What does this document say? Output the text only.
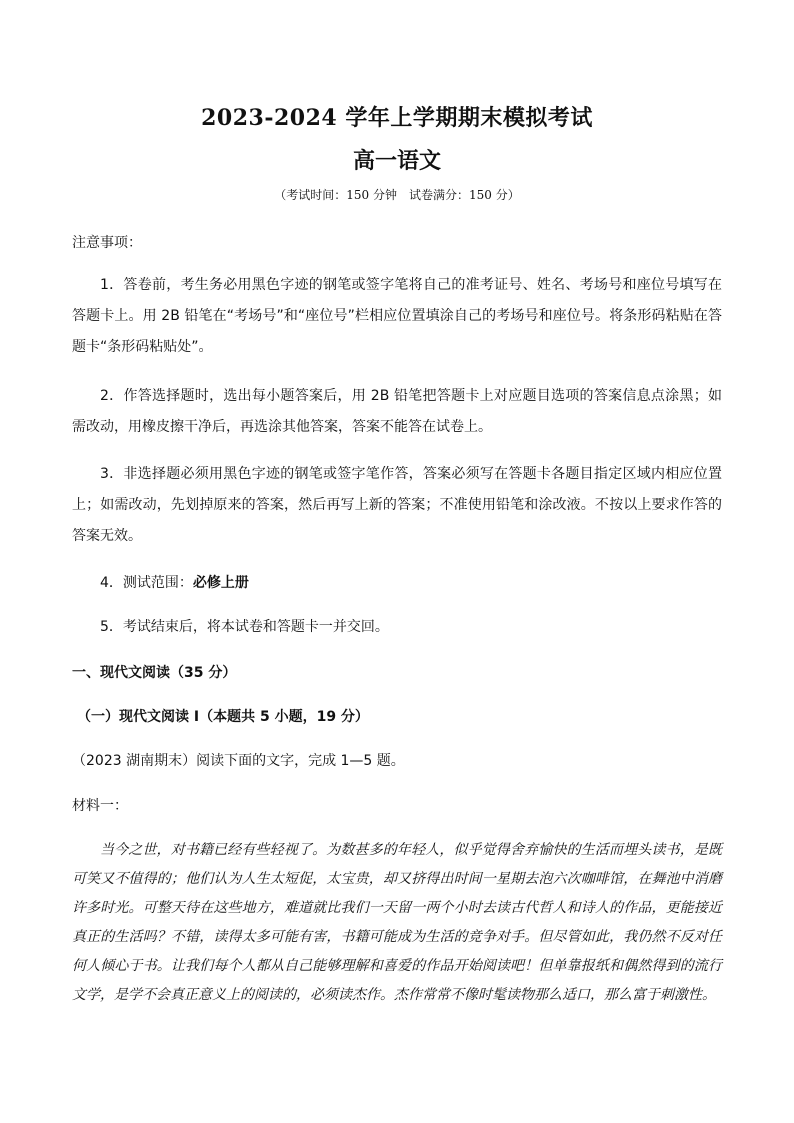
2023-2024 学年上学期期末模拟考试
高一语文
（考试时间：150 分钟 试卷满分：150 分）
注意事项：
1．答卷前，考生务必用黑色字迹的钢笔或签字笔将自己的准考证号、姓名、考场号和座位号填写在答题卡上。用 2B 铅笔在“考场号”和“座位号”栏相应位置填涂自己的考场号和座位号。将条形码粘贴在答题卡“条形码粘贴处”。
2．作答选择题时，选出每小题答案后，用 2B 铅笔把答题卡上对应题目选项的答案信息点涂黑；如需改动，用橡皮擦干净后，再选涂其他答案，答案不能答在试卷上。
3．非选择题必须用黑色字迹的钢笔或签字笔作答，答案必须写在答题卡各题目指定区域内相应位置上；如需改动，先划掉原来的答案，然后再写上新的答案；不准使用铅笔和涂改液。不按以上要求作答的答案无效。
4．测试范围：必修上册
5．考试结束后，将本试卷和答题卡一并交回。
一、现代文阅读（35 分）
（一）现代文阅读 I（本题共 5 小题，19 分）
（2023 湖南期末）阅读下面的文字，完成 1—5 题。
材料一：
当今之世，对书籍已经有些轻视了。为数甚多的年轻人，似乎觉得舍弃愉快的生活而埋头读书，是既可笑又不值得的；他们认为人生太短促，太宝贵，却又挤得出时间一星期去泡六次咖啡馆，在舞池中消磨许多时光。可整天待在这些地方，难道就比我们一天留一两个小时去读古代哲人和诗人的作品，更能接近真正的生活吗？不错，读得太多可能有害，书籍可能成为生活的竞争对手。但尽管如此，我仍然不反对任何人倾心于书。让我们每个人都从自己能够理解和喜爱的作品开始阅读吧！但单靠报纸和偶然得到的流行文学，是学不会真正意义上的阅读的，必须读杰作。杰作常常不像时髦读物那么适口，那么富于刺激性。
